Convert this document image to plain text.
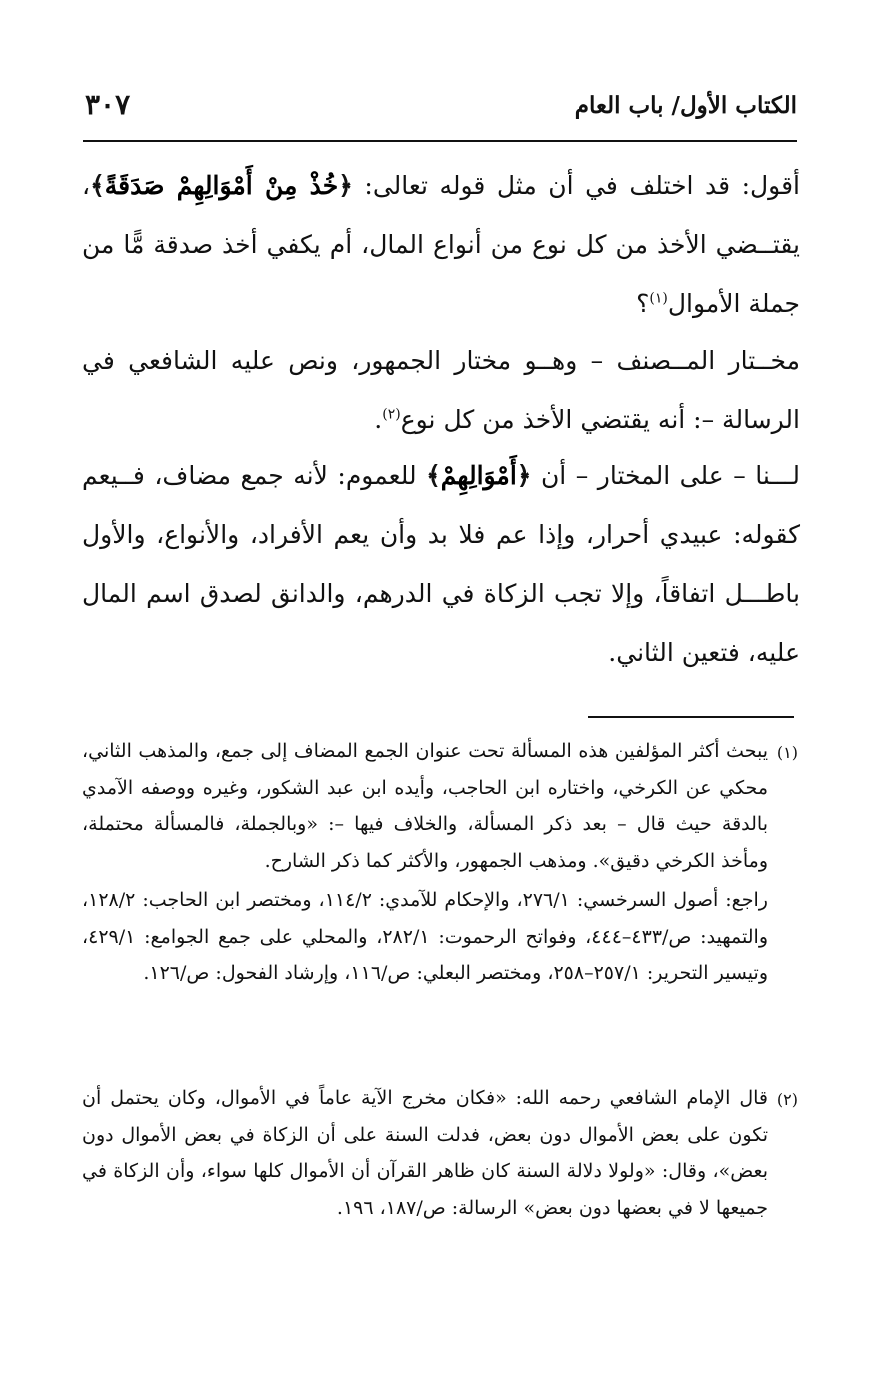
الكتاب الأول/ باب العام
٣٠٧
أقول: قد اختلف في أن مثل قوله تعالى: ﴿خُذْ مِنْ أَمْوَالِهِمْ صَدَقَةً﴾، يقتــضي الأخذ من كل نوع من أنواع المال، أم يكفي أخذ صدقة مًّا من جملة الأموال$^{(١)}$؟
مخــتار المــصنف – وهــو مختار الجمهور، ونص عليه الشافعي في الرسالة –: أنه يقتضي الأخذ من كل نوع$^{(٢)}$.
لـــنا – على المختار – أن ﴿أَمْوَالِهِمْ﴾ للعموم: لأنه جمع مضاف، فــيعم كقوله: عبيدي أحرار، وإذا عم فلا بد وأن يعم الأفراد، والأنواع، والأول باطـــل اتفاقاً، وإلا تجب الزكاة في الدرهم، والدانق لصدق اسم المال عليه، فتعين الثاني.
(١)

يبحث أكثر المؤلفين هذه المسألة تحت عنوان الجمع المضاف إلى جمع، والمذهب الثاني، محكي عن الكرخي، واختاره ابن الحاجب، وأيده ابن عبد الشكور، وغيره ووصفه الآمدي بالدقة حيث قال – بعد ذكر المسألة، والخلاف فيها –: «وبالجملة، فالمسألة محتملة، ومأخذ الكرخي دقيق». ومذهب الجمهور، والأكثر كما ذكر الشارح.

راجع: أصول السرخسي: ٢٧٦/١، والإحكام للآمدي: ١١٤/٢، ومختصر ابن الحاجب: ١٢٨/٢، والتمهيد: ص/٤٣٣–٤٤٤، وفواتح الرحموت: ٢٨٢/١، والمحلي على جمع الجوامع: ٤٢٩/١، وتيسير التحرير: ٢٥٧/١–٢٥٨، ومختصر البعلي: ص/١١٦، وإرشاد الفحول: ص/١٢٦.

(٢)

قال الإمام الشافعي رحمه الله: «فكان مخرج الآية عاماً في الأموال، وكان يحتمل أن تكون على بعض الأموال دون بعض، فدلت السنة على أن الزكاة في بعض الأموال دون بعض»، وقال: «ولولا دلالة السنة كان ظاهر القرآن أن الأموال كلها سواء، وأن الزكاة في جميعها لا في بعضها دون بعض» الرسالة: ص/١٨٧، ١٩٦.
